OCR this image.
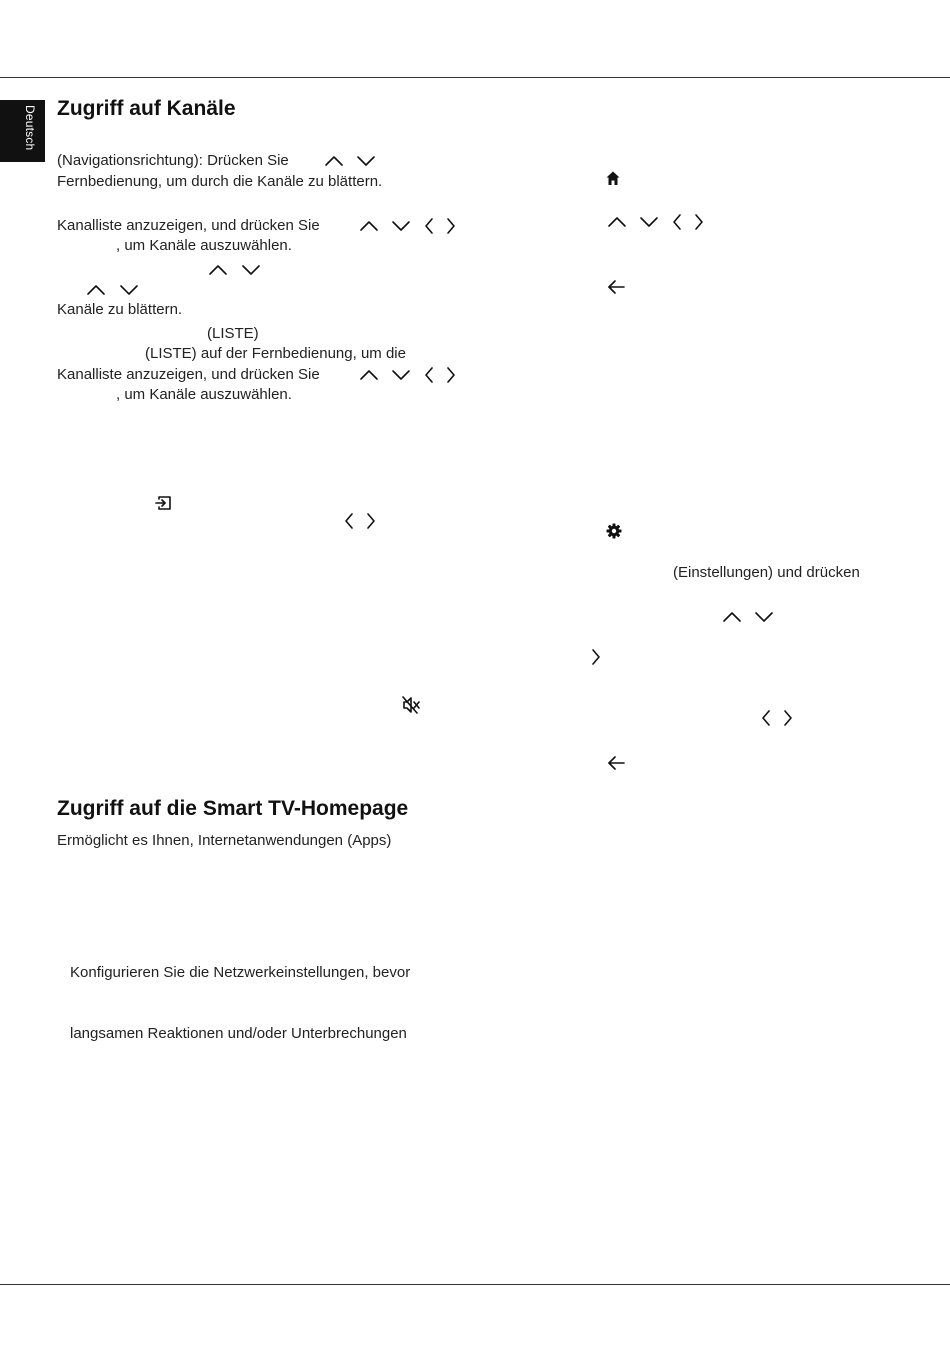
Deutsch Zugriff auf Kanäle
(Navigationsrichtung): Drücken Sie
Fernbedienung, um durch die Kanäle zu blättern.
Kanalliste anzuzeigen, und drücken Sie
, um Kanäle auszuwählen.
Kanäle zu blättern.
(LISTE)
(LISTE) auf der Fernbedienung, um die
Kanalliste anzuzeigen, und drücken Sie
, um Kanäle auszuwählen.
Zugriff auf die Smart TV-Homepage
Ermöglicht es Ihnen, Internetanwendungen (Apps)
Konfigurieren Sie die Netzwerkeinstellungen, bevor
langsamen Reaktionen und/oder Unterbrechungen
(Einstellungen) und drücken
